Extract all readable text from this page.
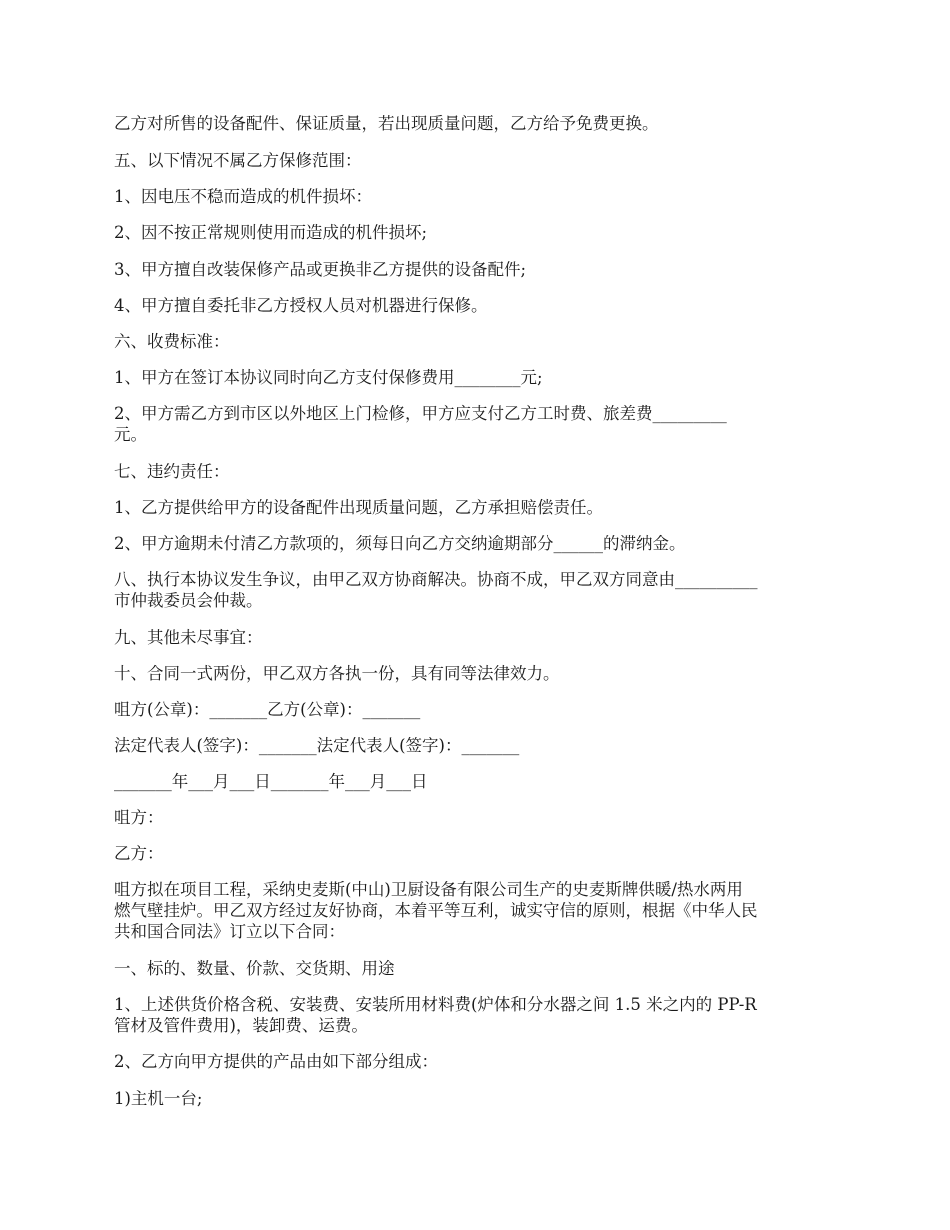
乙方对所售的设备配件、保证质量，若出现质量问题，乙方给予免费更换。

五、以下情况不属乙方保修范围：

1、因电压不稳而造成的机件损坏：

2、因不按正常规则使用而造成的机件损坏;

3、甲方擅自改装保修产品或更换非乙方提供的设备配件;

4、甲方擅自委托非乙方授权人员对机器进行保修。

六、收费标准：

1、甲方在签订本协议同时向乙方支付保修费用________元;

2、甲方需乙方到市区以外地区上门检修，甲方应支付乙方工时费、旅差费_________
元。

七、违约责任：

1、乙方提供给甲方的设备配件出现质量问题，乙方承担赔偿责任。

2、甲方逾期未付清乙方款项的，须每日向乙方交纳逾期部分______的滞纳金。

八、执行本协议发生争议，由甲乙双方协商解决。协商不成，甲乙双方同意由__________
市仲裁委员会仲裁。

九、其他未尽事宜：

十、合同一式两份，甲乙双方各执一份，具有同等法律效力。

咀方(公章)：_______乙方(公章)：_______

法定代表人(签字)：_______法定代表人(签字)：_______

_______年___月___日_______年___月___日

咀方：

乙方：

咀方拟在项目工程，采纳史麦斯(中山)卫厨设备有限公司生产的史麦斯牌供暖/热水两用
燃气壁挂炉。甲乙双方经过友好协商，本着平等互利，诚实守信的原则，根据《中华人民
共和国合同法》订立以下合同：

一、标的、数量、价款、交货期、用途

1、上述供货价格含税、安装费、安装所用材料费(炉体和分水器之间 1.5 米之内的 PP-R
管材及管件费用)，装卸费、运费。

2、乙方向甲方提供的产品由如下部分组成：

1)主机一台;
